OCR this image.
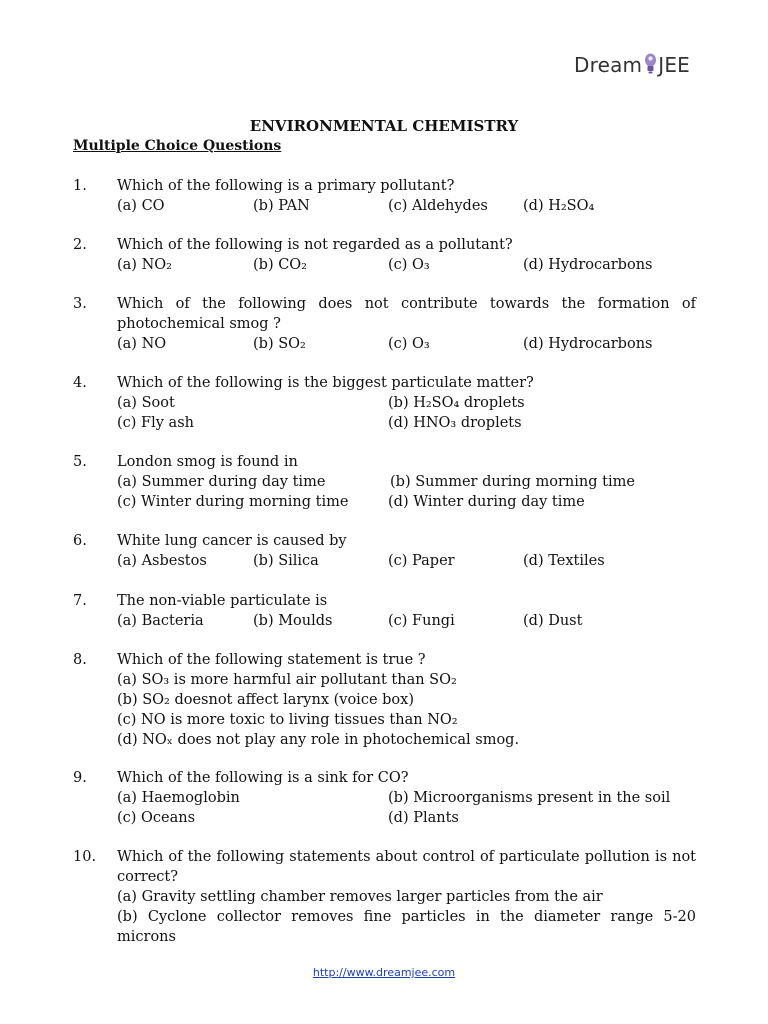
Dream JEE
ENVIRONMENTAL CHEMISTRY
Multiple Choice Questions
1. Which of the following is a primary pollutant?
(a) CO	(b) PAN	(c) Aldehydes (d) H₂SO₄
2. Which of the following is not regarded as a pollutant?
(a) NO₂	(b) CO₂	(c) O₃	(d) Hydrocarbons
3. Which of the following does not contribute towards the formation of photochemical smog ?
(a) NO	(b) SO₂	(c) O₃	(d) Hydrocarbons
4. Which of the following is the biggest particulate matter?
(a) Soot	(b) H₂SO₄ droplets
(c) Fly ash	(d) HNO₃ droplets
5. London smog is found in
(a) Summer during day time	(b) Summer during morning time
(c) Winter during morning time	(d) Winter during day time
6. White lung cancer is caused by
(a) Asbestos	(b) Silica	(c) Paper	(d) Textiles
7. The non-viable particulate is
(a) Bacteria	(b) Moulds	(c) Fungi	(d) Dust
8. Which of the following statement is true ?
(a) SO₃ is more harmful air pollutant than SO₂
(b) SO₂ doesnot affect larynx (voice box)
(c) NO is more toxic to living tissues than NO₂
(d) NOₓ does not play any role in photochemical smog.
9. Which of the following is a sink for CO?
(a) Haemoglobin	(b) Microorganisms present in the soil
(c) Oceans	(d) Plants
10. Which of the following statements about control of particulate pollution is not correct?
(a) Gravity settling chamber removes larger particles from the air
(b) Cyclone collector removes fine particles in the diameter range 5-20 microns
http://www.dreamjee.com
